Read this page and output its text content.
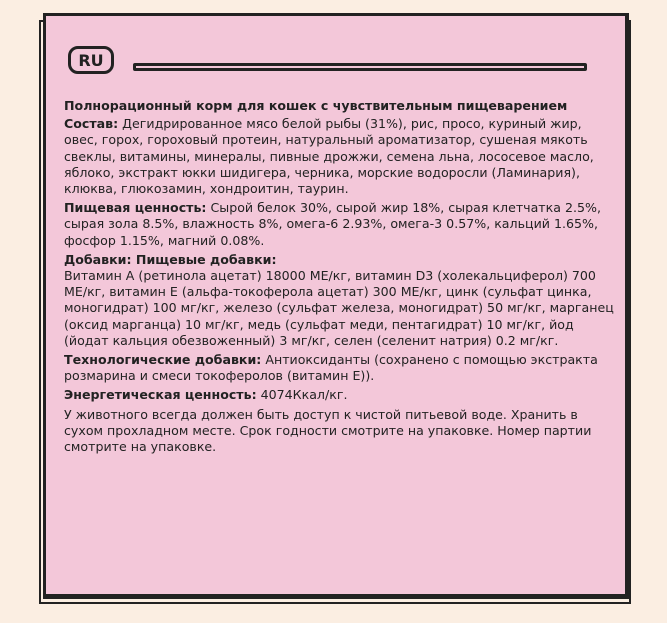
RU

Полнорационный корм для кошек с чувствительным пищеварением

Состав: Дегидрированное мясо белой рыбы (31%), рис, просо, куриный жир, овес, горох, гороховый протеин, натуральный ароматизатор, сушеная мякоть свеклы, витамины, минералы, пивные дрожжи, семена льна, лососевое масло, яблоко, экстракт юкки шидигера, черника, морские водоросли (Ламинария), клюква, глюкозамин, хондроитин, таурин.

Пищевая ценность: Сырой белок 30%, сырой жир 18%, сырая клетчатка 2.5%, сырая зола 8.5%, влажность 8%, омега-6 2.93%, омега-3 0.57%, кальций 1.65%, фосфор 1.15%, магний 0.08%.

Добавки: Пищевые добавки:
Витамин А (ретинола ацетат) 18000 МЕ/кг, витамин D3 (холекальциферол) 700 МЕ/кг, витамин Е (альфа-токоферола ацетат) 300 МЕ/кг, цинк (сульфат цинка, моногидрат) 100 мг/кг, железо (сульфат железа, моногидрат) 50 мг/кг, марганец (оксид марганца) 10 мг/кг, медь (сульфат меди, пентагидрат) 10 мг/кг, йод (йодат кальция обезвоженный) 3 мг/кг, селен (селенит натрия) 0.2 мг/кг.

Технологические добавки: Антиоксиданты (сохранено с помощью экстракта розмарина и смеси токоферолов (витамин Е)).

Энергетическая ценность: 4074Ккал/кг.

У животного всегда должен быть доступ к чистой питьевой воде. Хранить в сухом прохладном месте. Срок годности смотрите на упаковке. Номер партии смотрите на упаковке.
